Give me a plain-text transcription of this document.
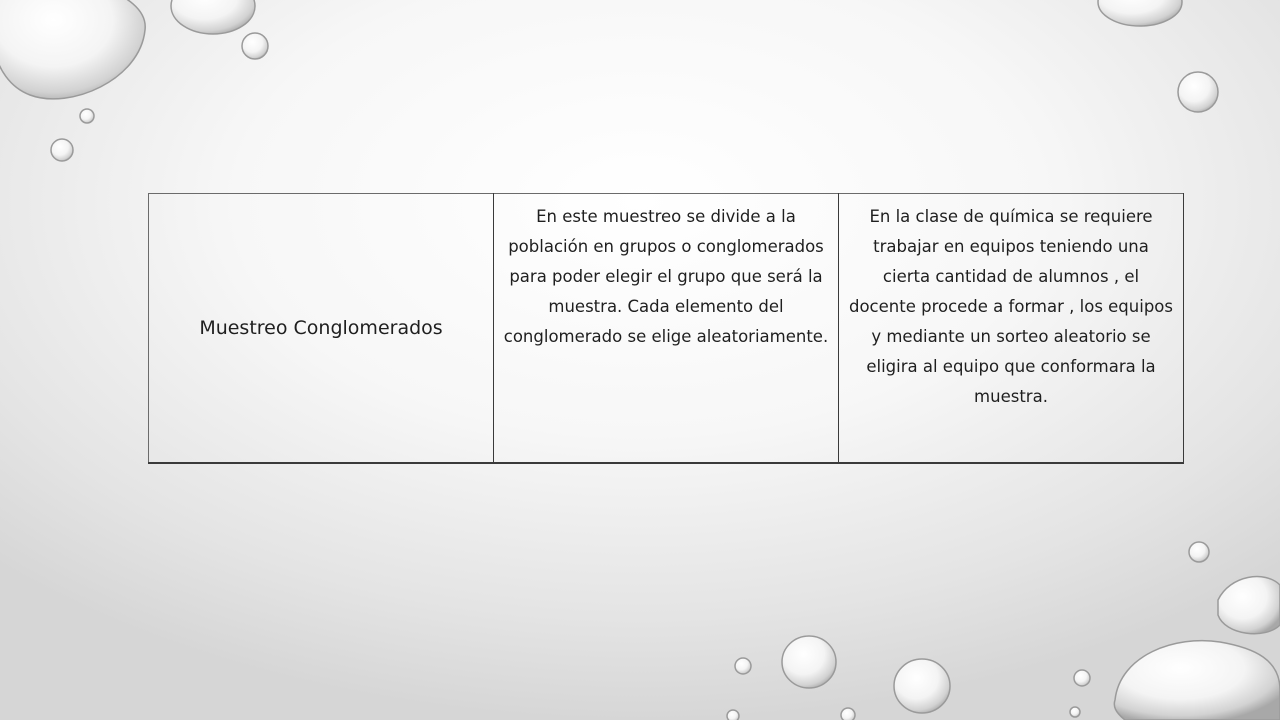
Muestreo Conglomerados	En este muestreo se divide a la población en grupos o conglomerados para poder elegir el grupo que será la muestra. Cada elemento del conglomerado se elige aleatoriamente.	En la clase de química se requiere trabajar en equipos teniendo una cierta cantidad de alumnos , el docente procede a formar , los equipos y mediante un sorteo aleatorio se eligira al equipo que conformara la muestra.
